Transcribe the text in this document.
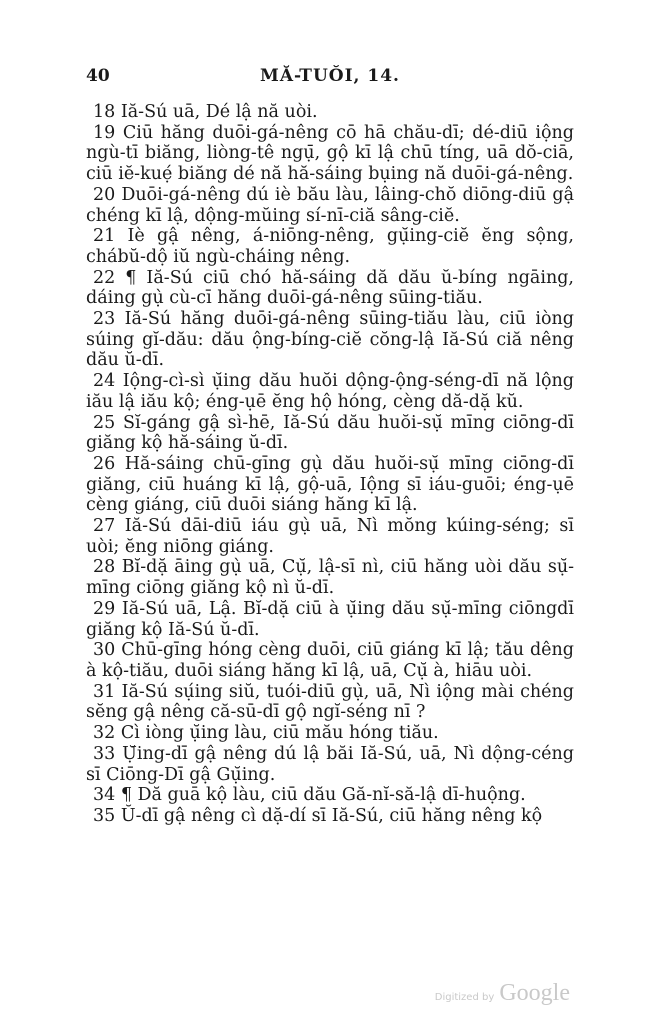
40	MĂ-TUŎI, 14.

18 Iă-Sú uā, Dé lậ nă uòi.

19 Ciū hăng duōi-gá-nêng cō hā chău-dī; dé-diū iộng ngù-tī biăng, liòng-tê ngụ̄, gộ kī lậ chū tíng, uā dŏ-ciā, ciū iĕ-kuẹ́ biăng dé nă hă-sáing bụing nă duōi-gá-nêng.

20 Duōi-gá-nêng dú iè bău làu, lâing-chŏ diōng-diū gậ chéng kī lậ, dộng-mŭing sí-nī-ciă sâng-ciĕ.

21 Iè gậ nêng, á-niōng-nêng, gụ̆ing-ciĕ ĕng sộng, chábŭ-dộ iŭ ngù-cháing nêng.

22 ¶ Iă-Sú ciū chó hă-sáing dă dău ŭ-bíng ngāing, dáing gụ̀ cù-cī hăng duōi-gá-nêng sūing-tiău.

23 Iă-Sú hăng duōi-gá-nêng sūing-tiău làu, ciū iòng súing gĭ-dău: dău ộng-bíng-ciĕ cŏng-lậ Iă-Sú ciă nêng dău ŭ-dī.

24 Iộng-cì-sì ụ̆ing dău huŏi dộng-ộng-séng-dī nă lộng iău lậ iău kộ; éng-ụē ĕng hộ hóng, cèng dă-dặ kŭ.

25 Sĭ-gáng gậ sì-hē, Iă-Sú dău huŏi-sụ̆ mīng ciōng-dī giăng kộ hă-sáing ŭ-dī.

26 Hă-sáing chū-gīng gụ̀ dău huŏi-sụ̆ mīng ciōng-dī giăng, ciū huáng kī lậ, gộ-uā, Iộng sī iáu-guōi; éng-ụē cèng giáng, ciū duōi siáng hăng kī lậ.

27 Iă-Sú dāi-diū iáu gụ̀ uā, Nì mŏng kúing-séng; sī uòi; ĕng niōng giáng.

28 Bĭ-dặ āing gụ̀ uā, Cụ̆, lậ-sī nì, ciū hăng uòi dău sụ̆-mīng ciōng giăng kộ nì ŭ-dī.

29 Iă-Sú uā, Lậ. Bĭ-dặ ciū à ụ̆ing dău sụ̆-mīng ciōngdī giăng kộ Iă-Sú ŭ-dī.

30 Chū-gīng hóng cèng duōi, ciū giáng kī lậ; tău dêng à kộ-tiău, duōi siáng hăng kī lậ, uā, Cụ̆ à, hiāu uòi.

31 Iă-Sú sụ́ing siŭ, tuói-diū gụ̀, uā, Nì iộng mài chéng sĕng gậ nêng că-sū-dī gộ ngĭ-séng nī ?

32 Cì iòng ụ̆ing làu, ciū mău hóng tiău.

33 Ụ̆ing-dī gậ nêng dú lậ băi Iă-Sú, uā, Nì dộng-céng sī Ciōng-Dī gậ Gụ̆ing.

34 ¶ Dă guā kộ làu, ciū dău Gă-nĭ-să-lậ dī-huộng.

35 Ŭ-dī gậ nêng cì dặ-dí sī Iă-Sú, ciū hăng nêng kộ

Digitized by Google
